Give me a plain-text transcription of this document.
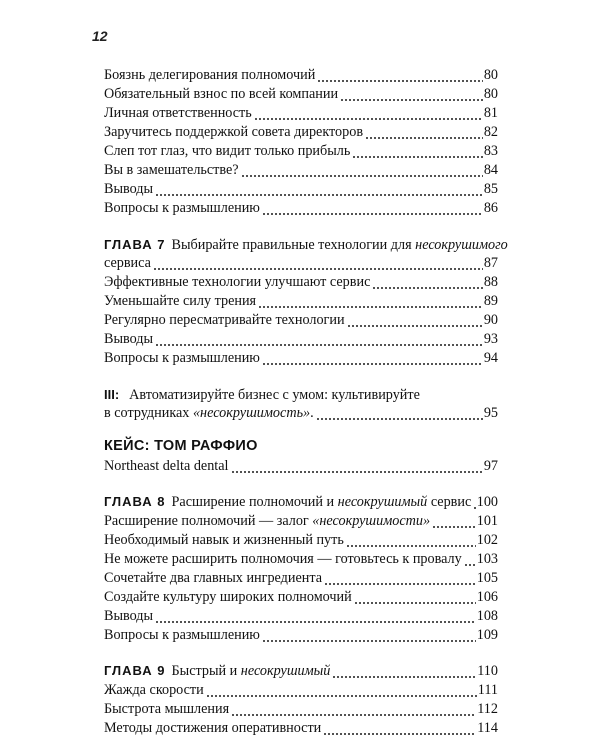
12
Боязнь делегирования полномочий	80
Обязательный взнос по всей компании	80
Личная ответственность	81
Заручитесь поддержкой совета директоров	82
Слеп тот глаз, что видит только прибыль	83
Вы в замешательстве?	84
Выводы	85
Вопросы к размышлению	86
ГЛАВА 7 Выбирайте правильные технологии для несокрушимого
сервиса	87
Эффективные технологии улучшают сервис	88
Уменьшайте силу трения	89
Регулярно пересматривайте технологии	90
Выводы	93
Вопросы к размышлению	94
III: Автоматизируйте бизнес с умом: культивируйте
в сотрудниках «несокрушимость».	95
КЕЙС: ТОМ РАФФИО
Northeast delta dental	97
ГЛАВА 8 Расширение полномочий и несокрушимый сервис 100
Расширение полномочий — залог «несокрушимости»	101
Необходимый навык и жизненный путь	102
Не можете расширить полномочия — готовьтесь к провалу 103
Сочетайте два главных ингредиента	105
Создайте культуру широких полномочий	106
Выводы	108
Вопросы к размышлению	109
ГЛАВА 9 Быстрый и несокрушимый	110
Жажда скорости	111
Быстрота мышления	112
Методы достижения оперативности	114
